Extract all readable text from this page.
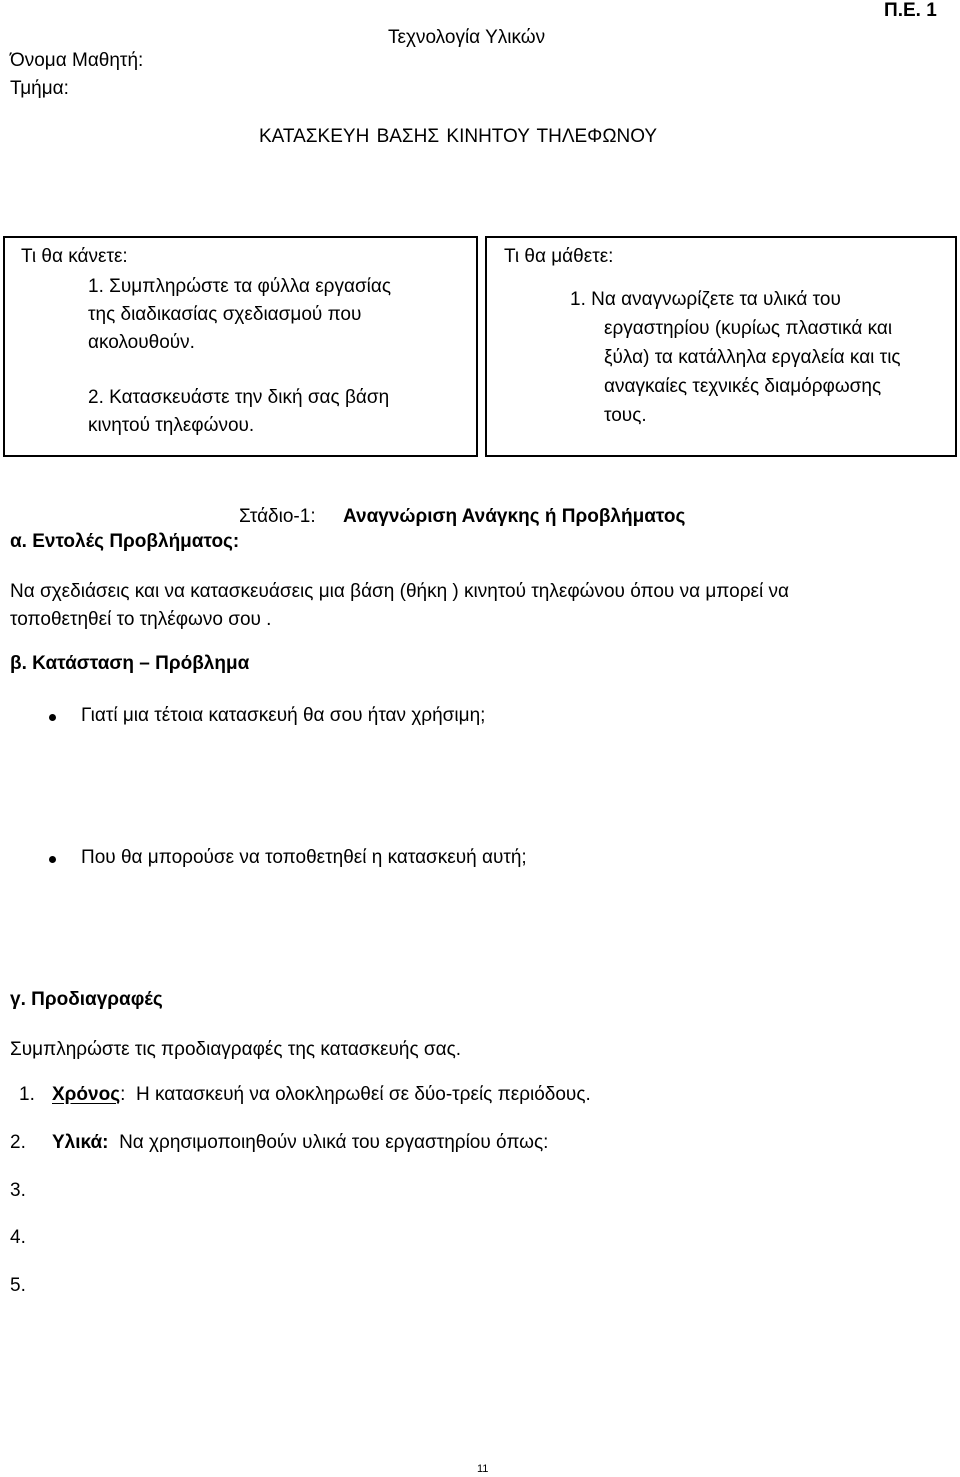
Όνομα Μαθητή:
Τμήμα:
Τεχνολογία Υλικών
Π.Ε. 1
ΚΑΤΑΣΚΕΥΗ ΒΑΣΗΣ ΚΙΝΗΤΟΥ ΤΗΛΕΦΩΝΟΥ
Τι θα κάνετε:
1. Συμπληρώστε τα φύλλα εργασίας
της διαδικασίας σχεδιασμού που
ακολουθούν.
2. Κατασκευάστε την δική σας βάση
κινητού τηλεφώνου.
Τι θα μάθετε:
1. Να αναγνωρίζετε τα υλικά του
εργαστηρίου (κυρίως πλαστικά και
ξύλα) τα κατάλληλα εργαλεία και τις
αναγκαίες τεχνικές διαμόρφωσης
τους.
Στάδιο-1: Αναγνώριση Ανάγκης ή Προβλήματος
α. Εντολές Προβλήματος:
Να σχεδιάσεις και να κατασκευάσεις μια βάση (θήκη ) κινητού τηλεφώνου όπου να μπορεί να
τοποθετηθεί το τηλέφωνο σου .
β. Κατάσταση – Πρόβλημα
Γιατί μια τέτοια κατασκευή θα σου ήταν χρήσιμη;
Που θα μπορούσε να τοποθετηθεί η κατασκευή αυτή;
γ. Προδιαγραφές
Συμπληρώστε τις προδιαγραφές της κατασκευής σας.
1. Χρόνος: Η κατασκευή να ολοκληρωθεί σε δύο-τρείς περιόδους.
2. Υλικά: Να χρησιμοποιηθούν υλικά του εργαστηρίου όπως:
3.
4.
5.
11
